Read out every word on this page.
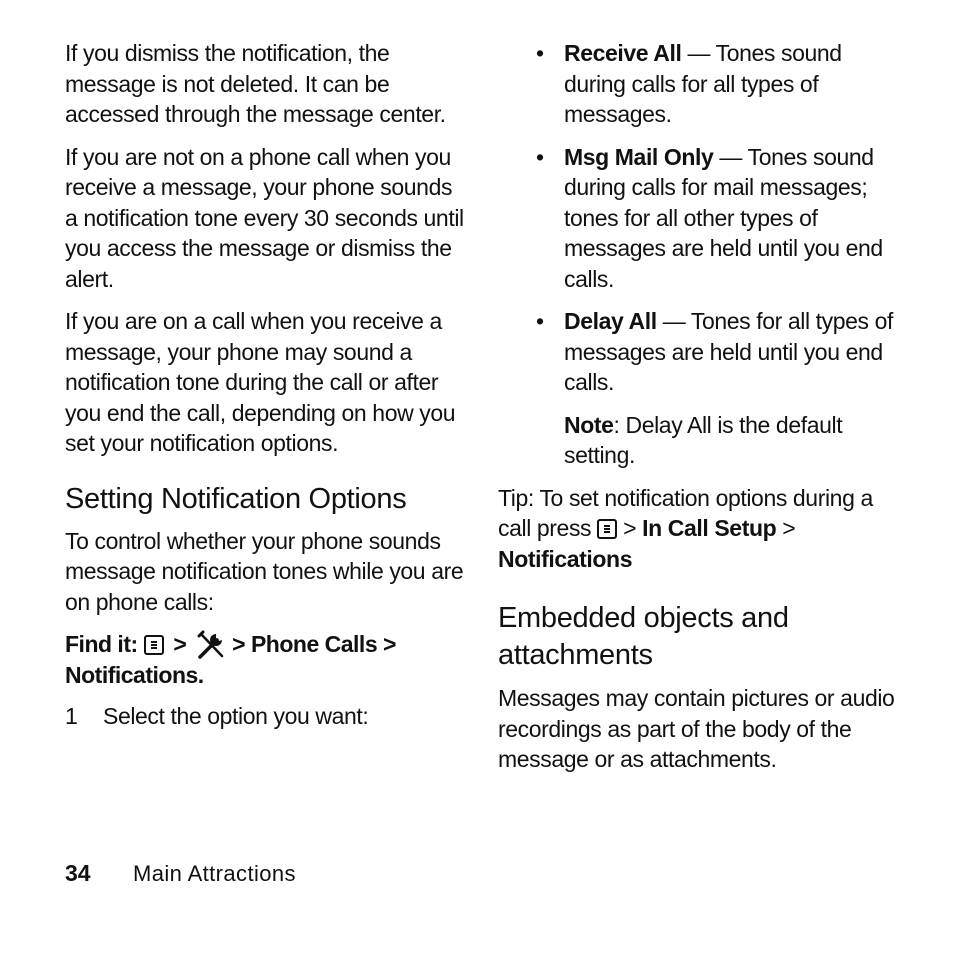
If you dismiss the notification, the message is not deleted. It can be accessed through the message center.

If you are not on a phone call when you receive a message, your phone sounds a notification tone every 30 seconds until you access the message or dismiss the alert.

If you are on a call when you receive a message, your phone may sound a notification tone during the call or after you end the call, depending on how you set your notification options.

Setting Notification Options

To control whether your phone sounds message notification tones while you are on phone calls:

Find it: > > Phone Calls >
Notifications.
1	Select the option you want:
• Receive All — Tones sound during calls for all types of messages.
• Msg Mail Only — Tones sound during calls for mail messages; tones for all other types of messages are held until you end calls.
• Delay All — Tones for all types of messages are held until you end calls.

Note: Delay All is the default setting.

Tip: To set notification options during a call press  > In Call Setup >
Notifications

Embedded objects and attachments

Messages may contain pictures or audio recordings as part of the body of the message or as attachments.

34	Main Attractions
